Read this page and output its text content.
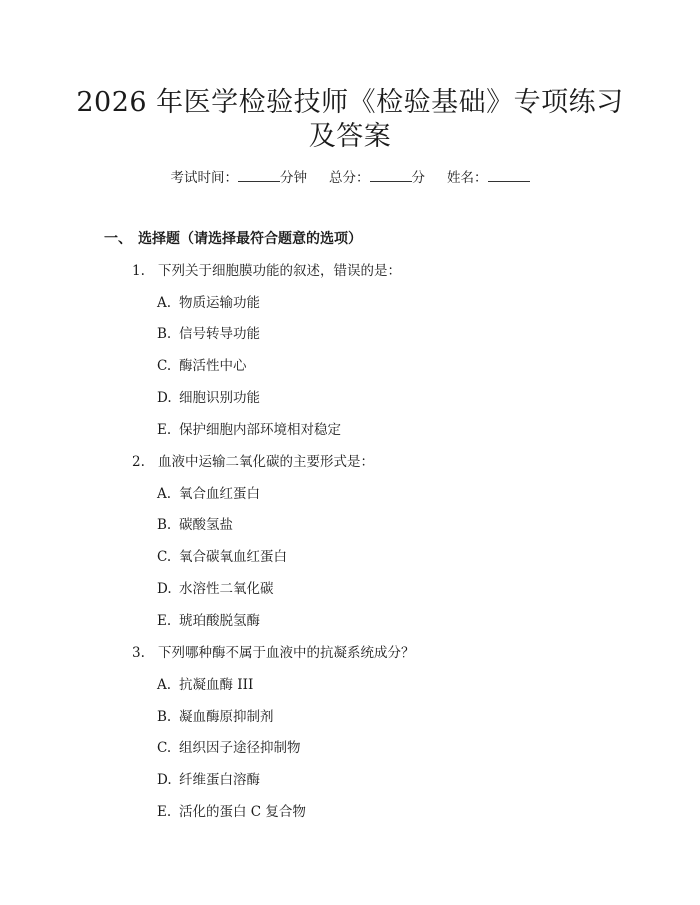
2026 年医学检验技师《检验基础》专项练习
及答案
考试时间：	分钟 总分：	分 姓名：
一、 选择题（请选择最符合题意的选项）
1. 下列关于细胞膜功能的叙述，错误的是：
A. 物质运输功能
B. 信号转导功能
C. 酶活性中心
D. 细胞识别功能
E. 保护细胞内部环境相对稳定
2. 血液中运输二氧化碳的主要形式是：
A. 氧合血红蛋白
B. 碳酸氢盐
C. 氧合碳氧血红蛋白
D. 水溶性二氧化碳
E. 琥珀酸脱氢酶
3. 下列哪种酶不属于血液中的抗凝系统成分？
A. 抗凝血酶 III
B. 凝血酶原抑制剂
C. 组织因子途径抑制物
D. 纤维蛋白溶酶
E. 活化的蛋白 C 复合物
